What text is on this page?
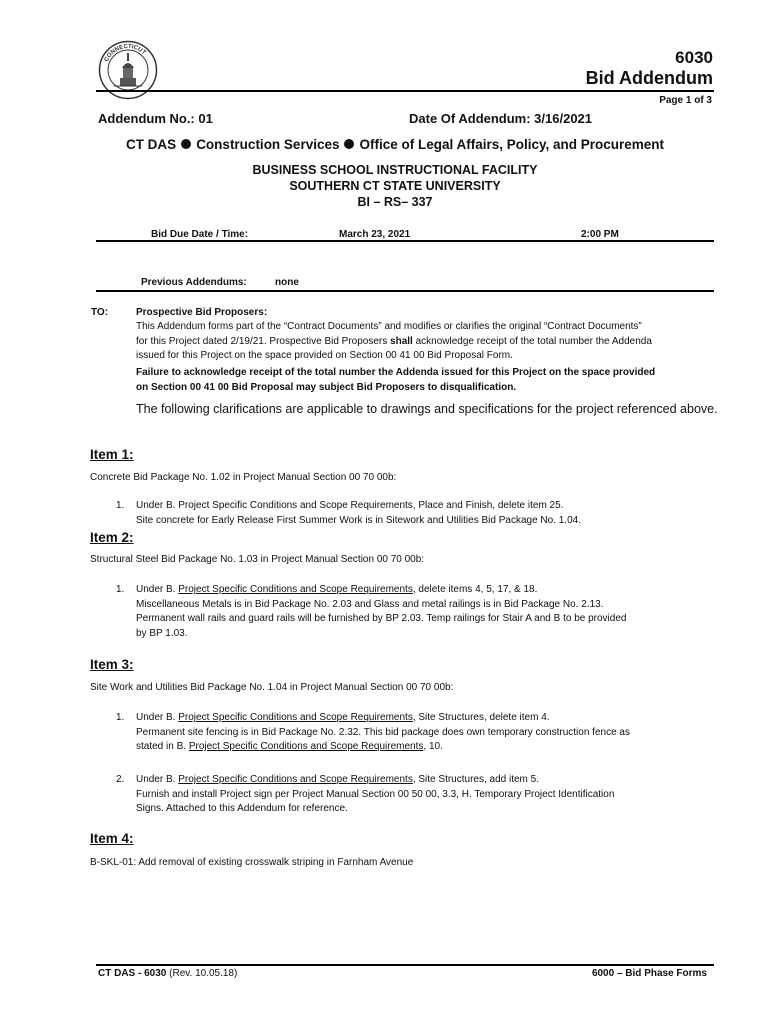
CONNECTICUT	6030
Bid Addendum
Page 1 of 3
Addendum No.: 01	Date Of Addendum: 3/16/2021
CT DAS Construction Services Office of Legal Affairs, Policy, and Procurement
BUSINESS SCHOOL INSTRUCTIONAL FACILITY
SOUTHERN CT STATE UNIVERSITY
BI – RS– 337
Bid Due Date / Time:	March 23, 2021	2:00 PM
Previous Addendums:	none
TO:	Prospective Bid Proposers:
This Addendum forms part of the “Contract Documents” and modifies or clarifies the original “Contract Documents”
for this Project dated 2/19/21. Prospective Bid Proposers shall acknowledge receipt of the total number the Addenda
issued for this Project on the space provided on Section 00 41 00 Bid Proposal Form.
Failure to acknowledge receipt of the total number the Addenda issued for this Project on the space provided
on Section 00 41 00 Bid Proposal may subject Bid Proposers to disqualification.
The following clarifications are applicable to drawings and specifications for the project referenced above.
Item 1:
Concrete Bid Package No. 1.02 in Project Manual Section 00 70 00b:
1. Under B. Project Specific Conditions and Scope Requirements, Place and Finish, delete item 25.
Site concrete for Early Release First Summer Work is in Sitework and Utilities Bid Package No. 1.04.
Item 2:
Structural Steel Bid Package No. 1.03 in Project Manual Section 00 70 00b:
1. Under B. Project Specific Conditions and Scope Requirements, delete items 4, 5, 17, & 18.
Miscellaneous Metals is in Bid Package No. 2.03 and Glass and metal railings is in Bid Package No. 2.13.
Permanent wall rails and guard rails will be furnished by BP 2.03. Temp railings for Stair A and B to be provided
by BP 1.03.
Item 3:
Site Work and Utilities Bid Package No. 1.04 in Project Manual Section 00 70 00b:
1. Under B. Project Specific Conditions and Scope Requirements, Site Structures, delete item 4.
Permanent site fencing is in Bid Package No. 2.32. This bid package does own temporary construction fence as
stated in B. Project Specific Conditions and Scope Requirements, 10.
2. Under B. Project Specific Conditions and Scope Requirements, Site Structures, add item 5.
Furnish and install Project sign per Project Manual Section 00 50 00, 3.3, H. Temporary Project Identification
Signs. Attached to this Addendum for reference.
Item 4:
B-SKL-01: Add removal of existing crosswalk striping in Farnham Avenue
CT DAS - 6030 (Rev. 10.05.18)	6000 – Bid Phase Forms
